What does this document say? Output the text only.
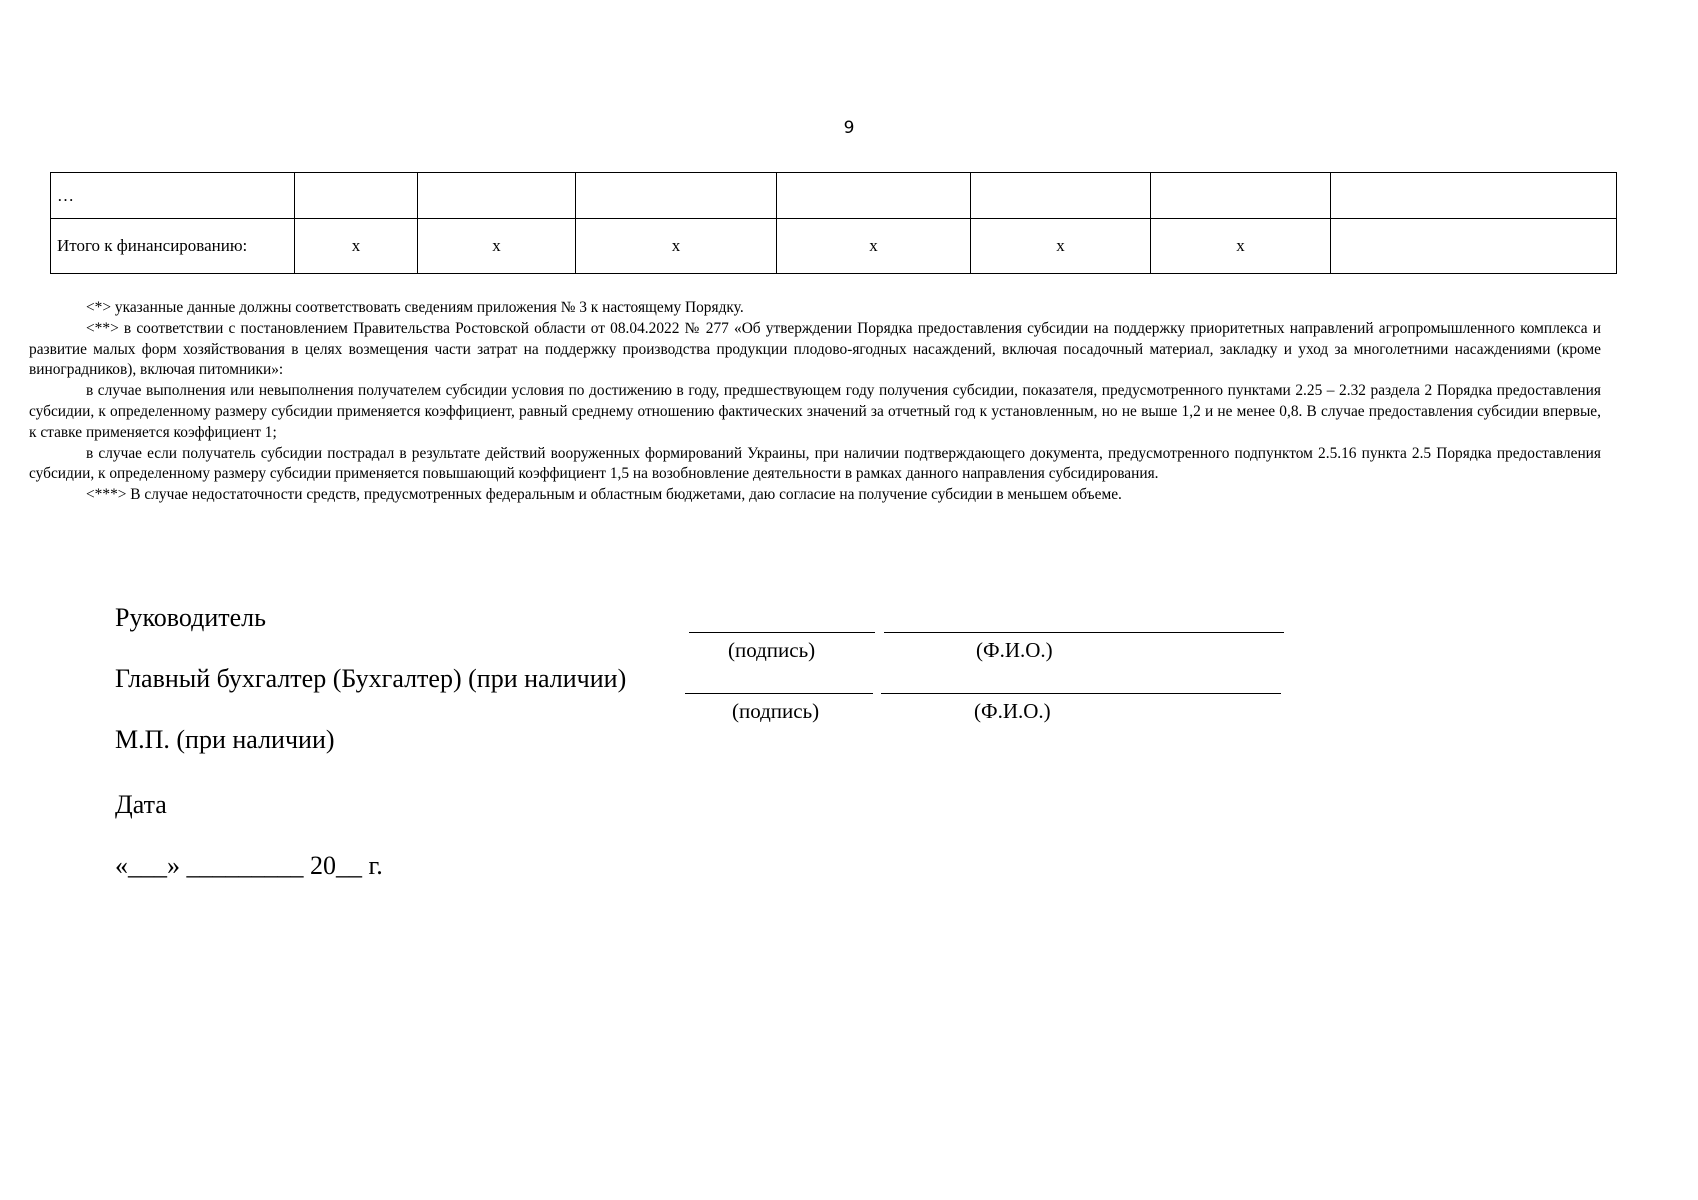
9
…							
Итого к финансированию:	x	x	x	x	x	x	

<*> указанные данные должны соответствовать сведениям приложения № 3 к настоящему Порядку.

<**> в соответствии с постановлением Правительства Ростовской области от 08.04.2022 № 277 «Об утверждении Порядка предоставления субсидии на поддержку приоритетных направлений агропромышленного комплекса и развитие малых форм хозяйствования в целях возмещения части затрат на поддержку производства продукции плодово-ягодных насаждений, включая посадочный материал, закладку и уход за многолетними насаждениями (кроме виноградников), включая питомники»:

в случае выполнения или невыполнения получателем субсидии условия по достижению в году, предшествующем году получения субсидии, показателя, предусмотренного пунктами 2.25 – 2.32 раздела 2 Порядка предоставления субсидии, к определенному размеру субсидии применяется коэффициент, равный среднему отношению фактических значений за отчетный год к установленным, но не выше 1,2 и не менее 0,8. В случае предоставления субсидии впервые, к ставке применяется коэффициент 1;

в случае если получатель субсидии пострадал в результате действий вооруженных формирований Украины, при наличии подтверждающего документа, предусмотренного подпунктом 2.5.16 пункта 2.5 Порядка предоставления субсидии, к определенному размеру субсидии применяется повышающий коэффициент 1,5 на возобновление деятельности в рамках данного направления субсидирования.

<***> В случае недостаточности средств, предусмотренных федеральным и областным бюджетами, даю согласие на получение субсидии в меньшем объеме.

Руководитель
(подпись)	(Ф.И.О.)
Главный бухгалтер (Бухгалтер) (при наличии)
(подпись)	(Ф.И.О.)
М.П. (при наличии)
Дата
«___» _________ 20__ г.
